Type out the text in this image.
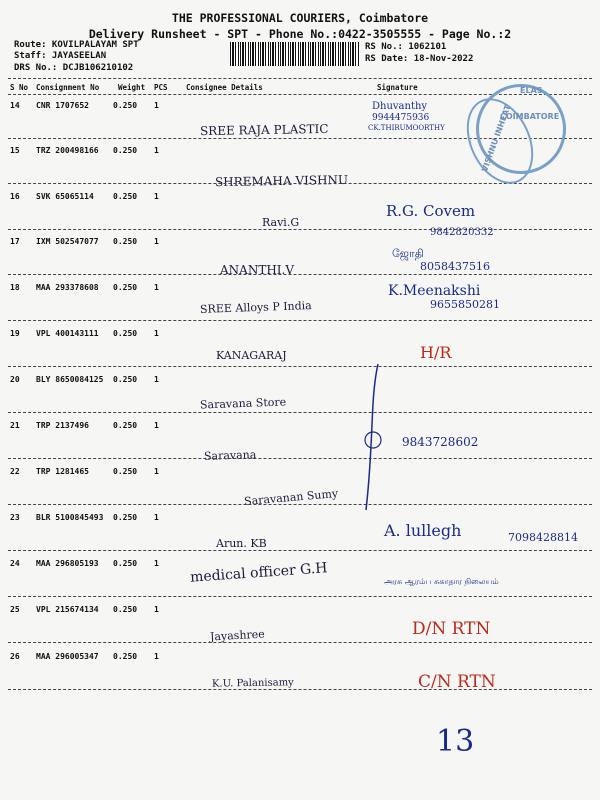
THE PROFESSIONAL COURIERS, Coimbatore
Delivery Runsheet - SPT - Phone No.:0422-3505555 - Page No.:2
Route: KOVILPALAYAM SPT
Staff: JAYASEELAN
DRS No.: DCJB106210102
RS No.: 1062101
RS Date: 18-Nov-2022
S No Consignment No	Weight PCS Consignee Details	Signature
14 CNR 1707652	0.250 1
SREE RAJA PLASTIC
Dhuvanthy
9944475936
CK.THIRUMOORTHY
15 TRZ 200498166 0.250 1
SHREMAHA VISHNU
16 SVK 65065114 0.250 1
Ravi.G
R.G. Covem
17 IXM 502547077 0.250 1
ANANTHI.V
9842820332
ஜோதி
8058437516
18 MAA 293378608 0.250 1
SREE Alloys P India
K.Meenakshi
9655850281
19 VPL 400143111 0.250 1
KANAGARAJ	H/R
20 BLY 8650084125 0.250 1
Saravana Store
21 TRP 2137496	0.250 1
Saravana
9843728602
22 TRP 1281465	0.250 1
Saravanan Sumy
23 BLR 5100845493 0.250 1
Arun. KB
A. lullegh	7098428814
24 MAA 296805193 0.250 1 medical officer G.H	அரசு ஆரம்ப சுகாதார நிலையம்
25 VPL 215674134 0.250 1
Jayashree	D/N RTN
26 MAA 296005347 0.250 1
K.U. Palanisamy	C/N RTN
ELAS
COIMBATORE
VISHNU INHEAT
13
